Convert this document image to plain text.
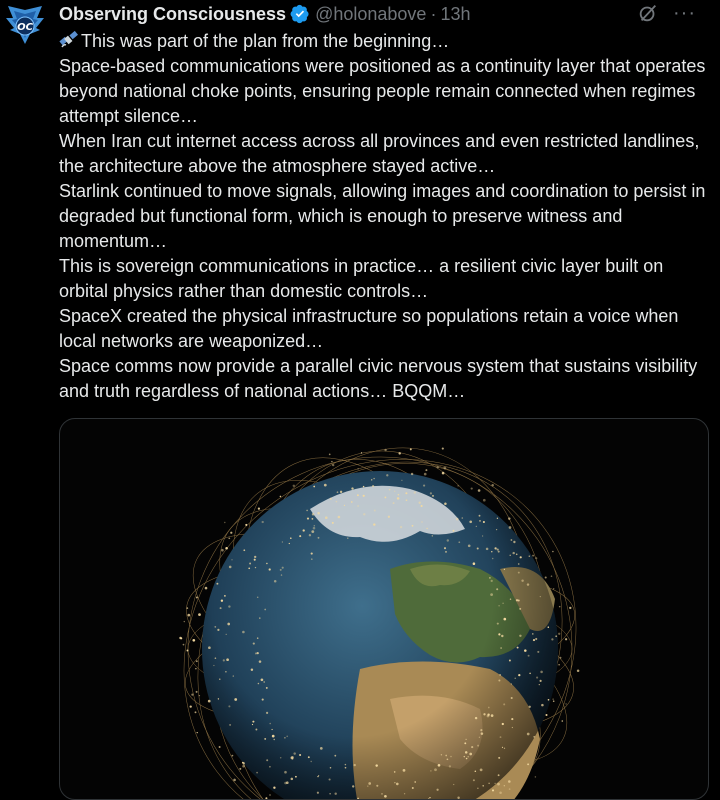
OC
Observing Consciousness @holonabove · 13h	···
This was part of the plan from the beginning…
Space-based communications were positioned as a continuity layer that operates beyond national choke points, ensuring people remain connected when regimes attempt silence…
When Iran cut internet access across all provinces and even restricted landlines, the architecture above the atmosphere stayed active…
Starlink continued to move signals, allowing images and coordination to persist in degraded but functional form, which is enough to preserve witness and momentum…
This is sovereign communications in practice… a resilient civic layer built on orbital physics rather than domestic controls…
SpaceX created the physical infrastructure so populations retain a voice when local networks are weaponized…
Space comms now provide a parallel civic nervous system that sustains visibility and truth regardless of national actions… BQQM…
